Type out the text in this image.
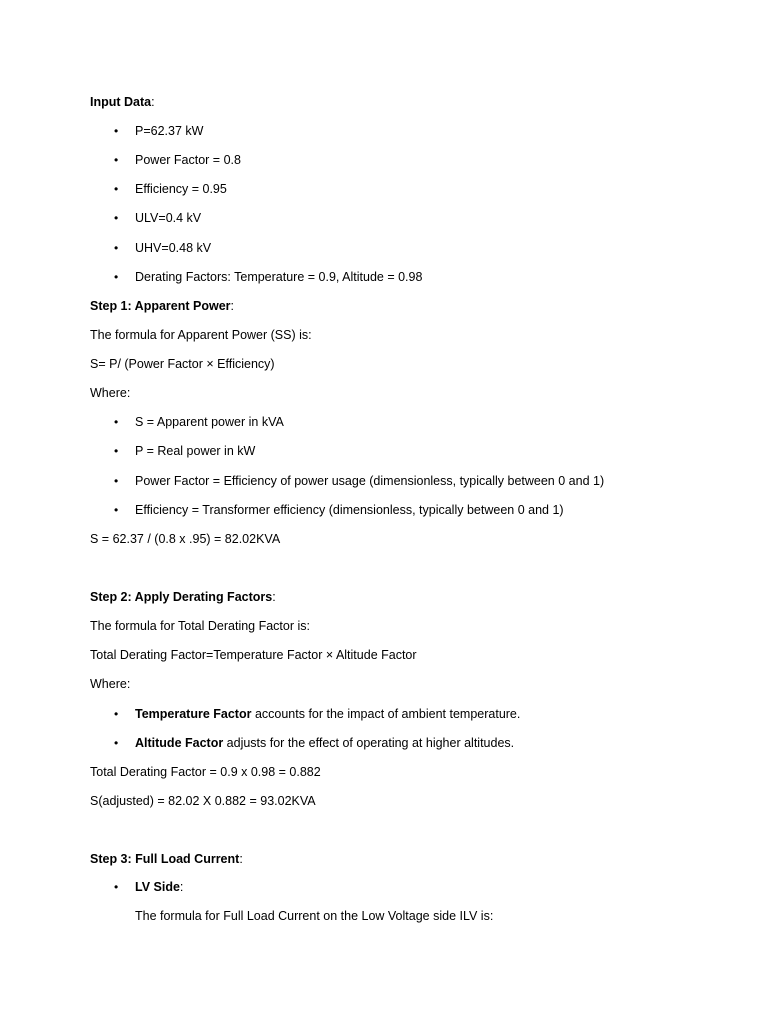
Input Data:
• P=62.37 kW
• Power Factor = 0.8
• Efficiency = 0.95
• ULV=0.4 kV
• UHV=0.48 kV
• Derating Factors: Temperature = 0.9, Altitude = 0.98
Step 1: Apparent Power:
The formula for Apparent Power (SS) is:
S= P/ (Power Factor × Efficiency)
Where:
• S = Apparent power in kVA
• P = Real power in kW
• Power Factor = Efficiency of power usage (dimensionless, typically between 0 and 1)
• Efficiency = Transformer efficiency (dimensionless, typically between 0 and 1)
S = 62.37 / (0.8 x .95) = 82.02KVA
Step 2: Apply Derating Factors:
The formula for Total Derating Factor is:
Total Derating Factor=Temperature Factor × Altitude Factor
Where:
• Temperature Factor accounts for the impact of ambient temperature.
• Altitude Factor adjusts for the effect of operating at higher altitudes.
Total Derating Factor = 0.9 x 0.98 = 0.882
S(adjusted) = 82.02 X 0.882 = 93.02KVA
Step 3: Full Load Current:
• LV Side:
The formula for Full Load Current on the Low Voltage side ILV is:
